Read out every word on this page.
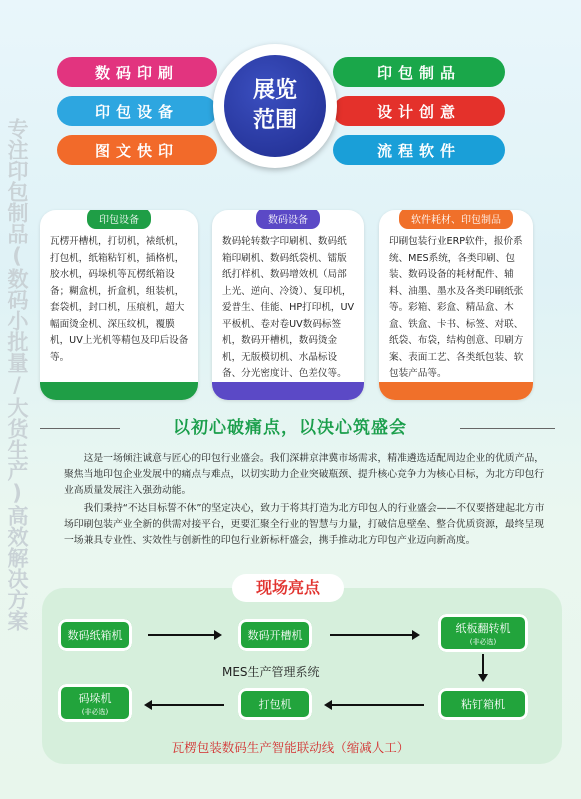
数码印刷
印包设备
图文快印
印包制品
设计创意
流程软件
展览
范围
专注印包制品(数码小批量/大货生产)高效解决方案	印包设备
瓦楞开槽机，打切机，裱纸机，打包机，纸箱粘钉机，插格机，胶水机，码垛机等瓦楞纸箱设备；糊盒机，折盒机，组装机，套袋机，封口机，压痕机，超大幅面烫金机、深压纹机，覆膜机，UV上光机等精包及印后设备等。
数码设备
数码轮转数字印刷机、数码纸箱印刷机、数码纸袋机、镭版纸打样机、数码增效机（局部上光、逆向、冷烫）、复印机，爱普生、佳能、HP打印机，UV平板机、卷对卷UV数码标签机，数码开槽机，数码烫金机，无版模切机、水晶标设备、分光密度计、色差仪等。
软件耗材、印包制品
印刷包装行业ERP软件，报价系统、MES系统，各类印刷、包装、数码设备的耗材配件、辅料、油墨、墨水及各类印刷纸张等。彩箱、彩盒、精品盒、木盒、铁盒、卡书、标签、对联、纸袋、布袋，结构创意、印刷方案、表面工艺、各类纸包装、软包装产品等。
以初心破痛点，以决心筑盛会

这是一场倾注诚意与匠心的印包行业盛会。我们深耕京津冀市场需求，精准遴选适配周边企业的优质产品，聚焦当地印包企业发展中的痛点与难点，以切实助力企业突破瓶颈、提升核心竞争力为核心目标，为北方印包行业高质量发展注入强劲动能。

我们秉持“不达目标誓不休”的坚定决心，致力于将其打造为北方印包人的行业盛会——不仅要搭建起北方市场印刷包装产业全新的供需对接平台，更要汇聚全行业的智慧与力量，打破信息壁垒、整合优质资源，最终呈现一场兼具专业性、实效性与创新性的印包行业新标杆盛会，携手推动北方印包产业迈向新高度。

现场亮点
数码纸箱机	数码开槽机
纸板翻转机
(非必选)
粘钉箱机
打包机
码垛机
(非必选)
MES生产管理系统
瓦楞包装数码生产智能联动线（缩减人工）
